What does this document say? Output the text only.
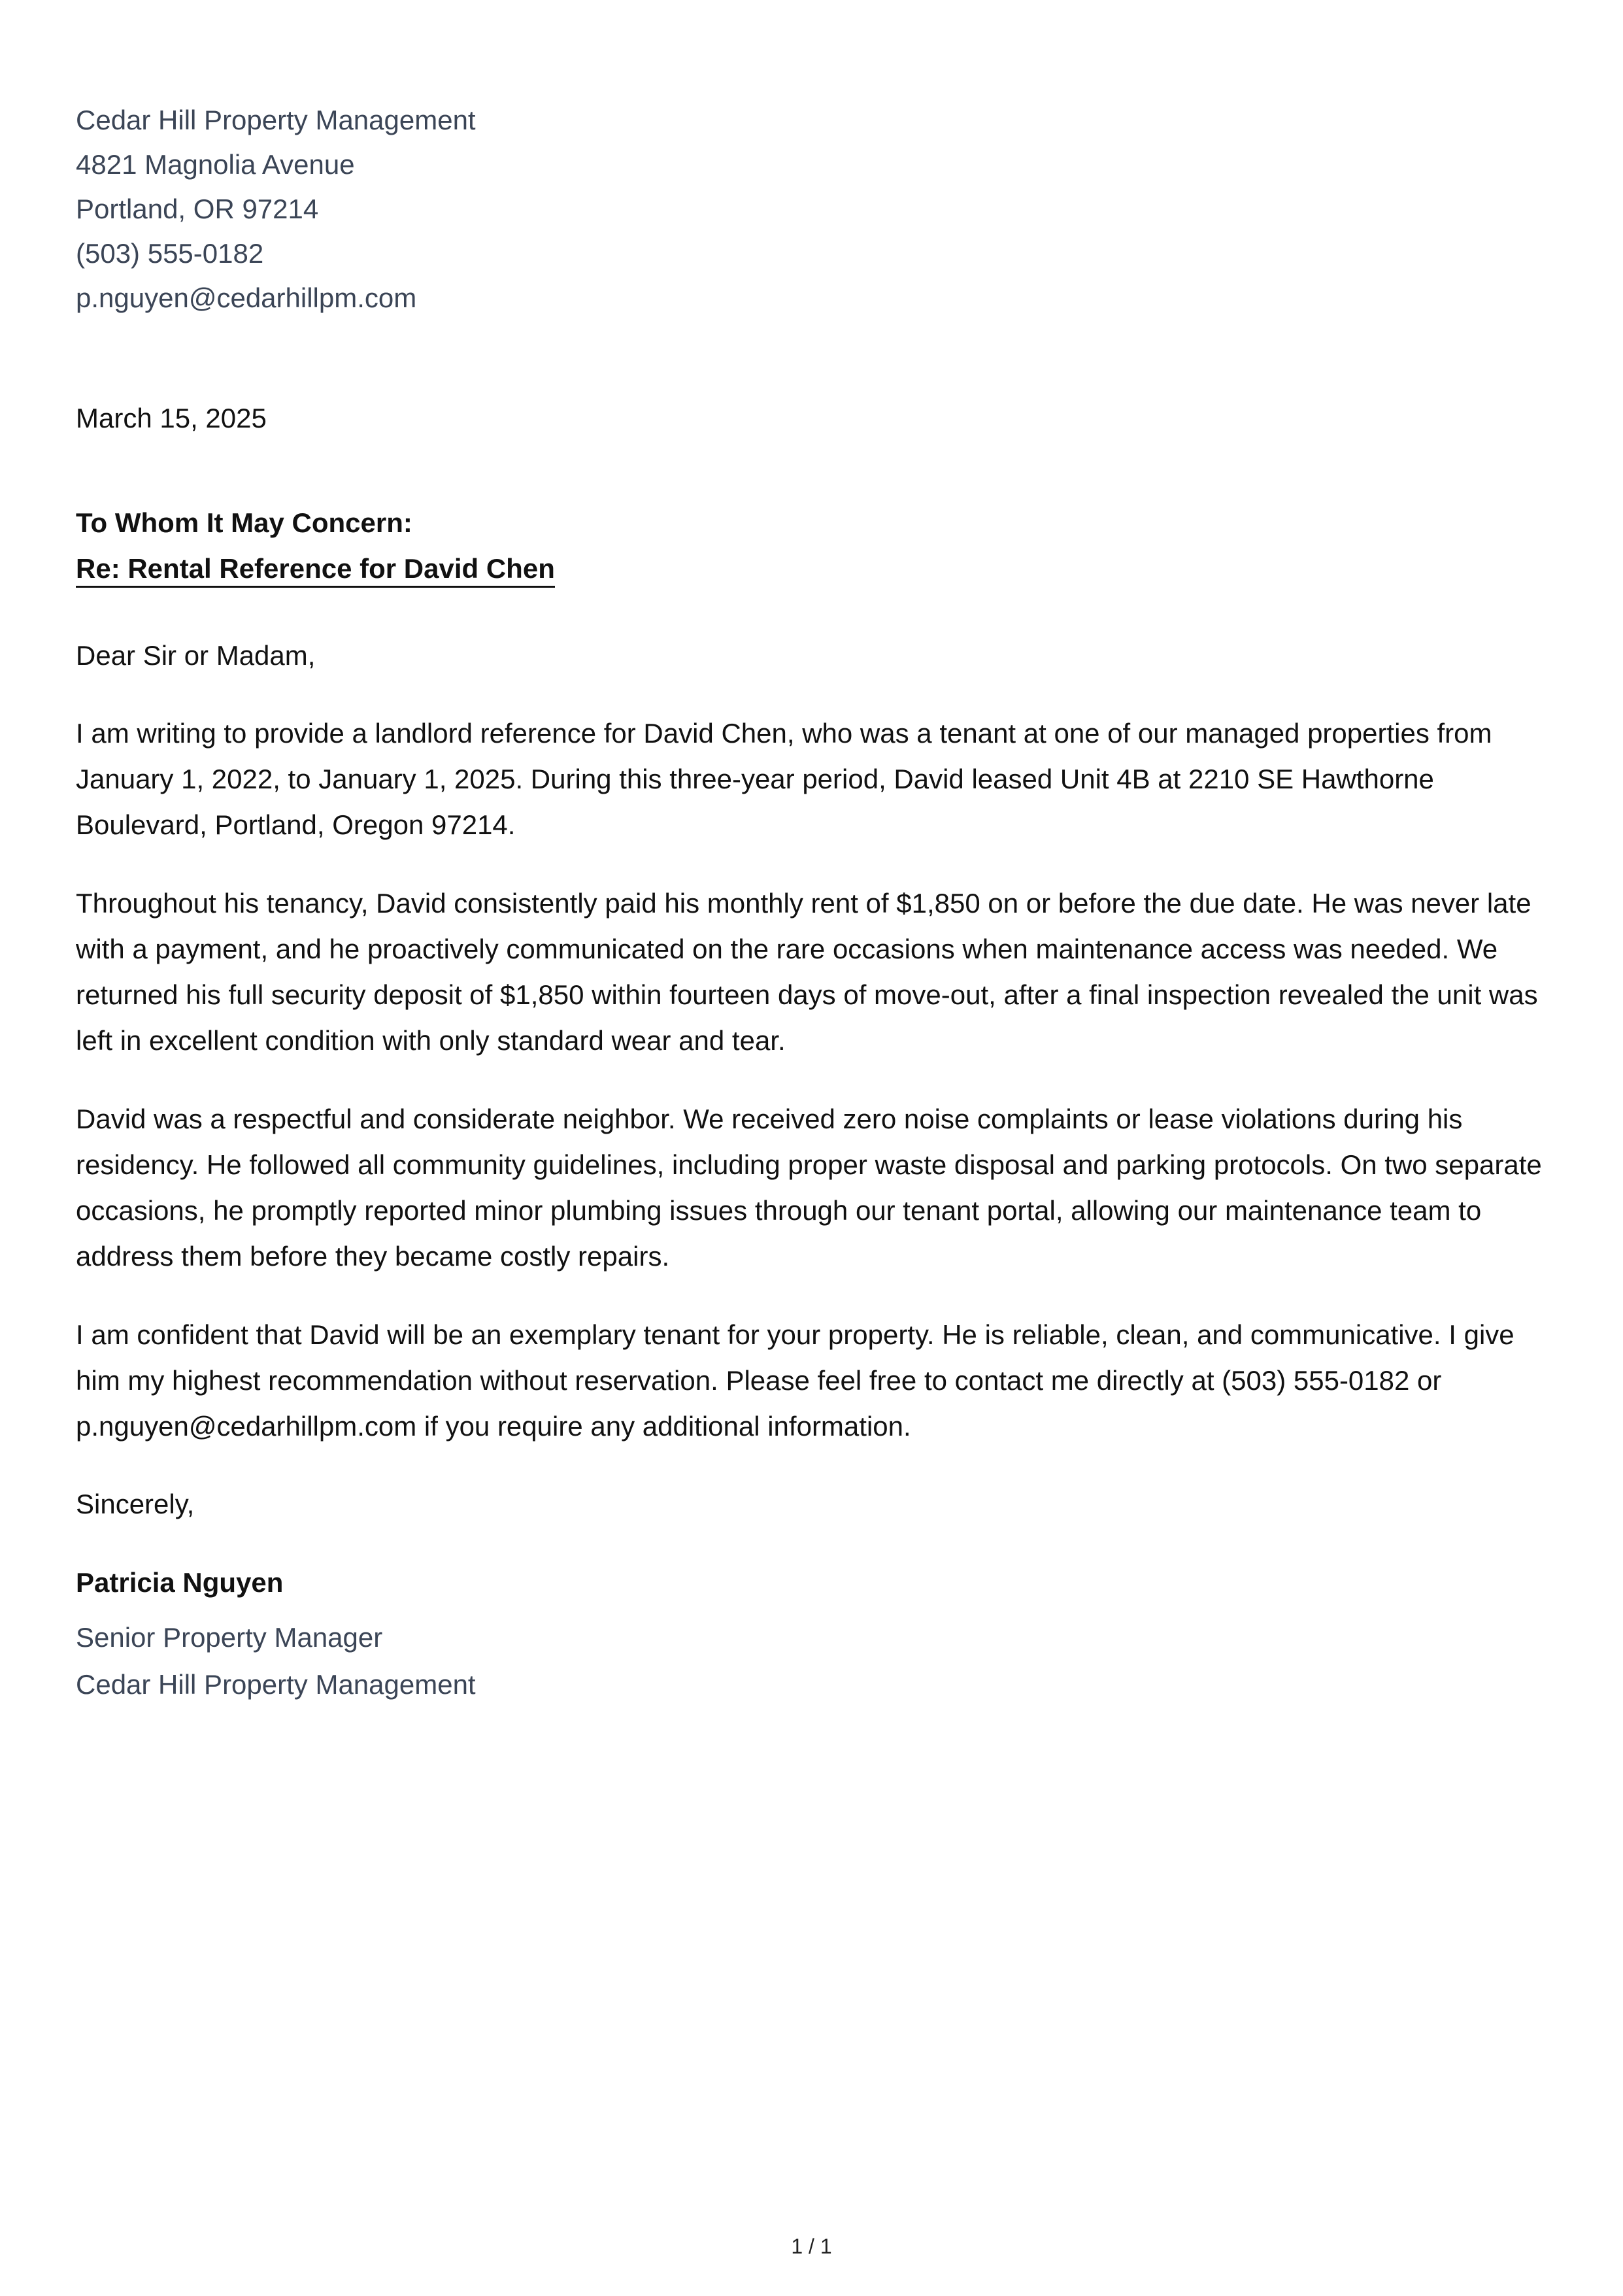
Cedar Hill Property Management
4821 Magnolia Avenue
Portland, OR 97214
(503) 555-0182
p.nguyen@cedarhillpm.com
March 15, 2025
To Whom It May Concern:
Re: Rental Reference for David Chen
Dear Sir or Madam,
I am writing to provide a landlord reference for David Chen, who was a tenant at one of our managed properties from January 1, 2022, to January 1, 2025. During this three-year period, David leased Unit 4B at 2210 SE Hawthorne Boulevard, Portland, Oregon 97214.
Throughout his tenancy, David consistently paid his monthly rent of $1,850 on or before the due date. He was never late with a payment, and he proactively communicated on the rare occasions when maintenance access was needed. We returned his full security deposit of $1,850 within fourteen days of move-out, after a final inspection revealed the unit was left in excellent condition with only standard wear and tear.
David was a respectful and considerate neighbor. We received zero noise complaints or lease violations during his residency. He followed all community guidelines, including proper waste disposal and parking protocols. On two separate occasions, he promptly reported minor plumbing issues through our tenant portal, allowing our maintenance team to address them before they became costly repairs.
I am confident that David will be an exemplary tenant for your property. He is reliable, clean, and communicative. I give him my highest recommendation without reservation. Please feel free to contact me directly at (503) 555-0182 or p.nguyen@cedarhillpm.com if you require any additional information.
Sincerely,
Patricia Nguyen
Senior Property Manager
Cedar Hill Property Management
1 / 1
